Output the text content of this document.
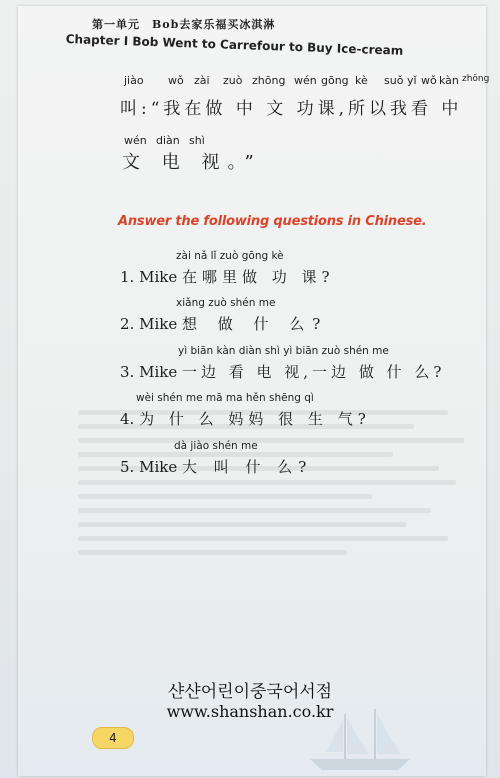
第一单元　Bob去家乐福买冰淇淋
Chapter I Bob Went to Carrefour to Buy Ice-cream
jiào wǒ zài zuò zhōng wén gōng kè suǒ yǐ wǒ kàn zhōng
叫:“我在做 中 文 功课,所以我看 中
wén diàn shì
文 电 视。”
Answer the following questions in Chinese.
zài nǎ lǐ zuò gōng kè
1. Mike 在哪里做 功 课?
xiǎng zuò shén me
2. Mike 想 做 什 么?
yì biān kàn diàn shì yì biān zuò shén me
3. Mike 一边 看 电 视,一边 做 什 么?
wèi shén me mā ma hěn shēng qì
4. 为 什 么 妈妈 很 生 气?
dà jiào shén me
5. Mike 大 叫 什 么?
샨샨어린이중국어서점
www.shanshan.co.kr
4
